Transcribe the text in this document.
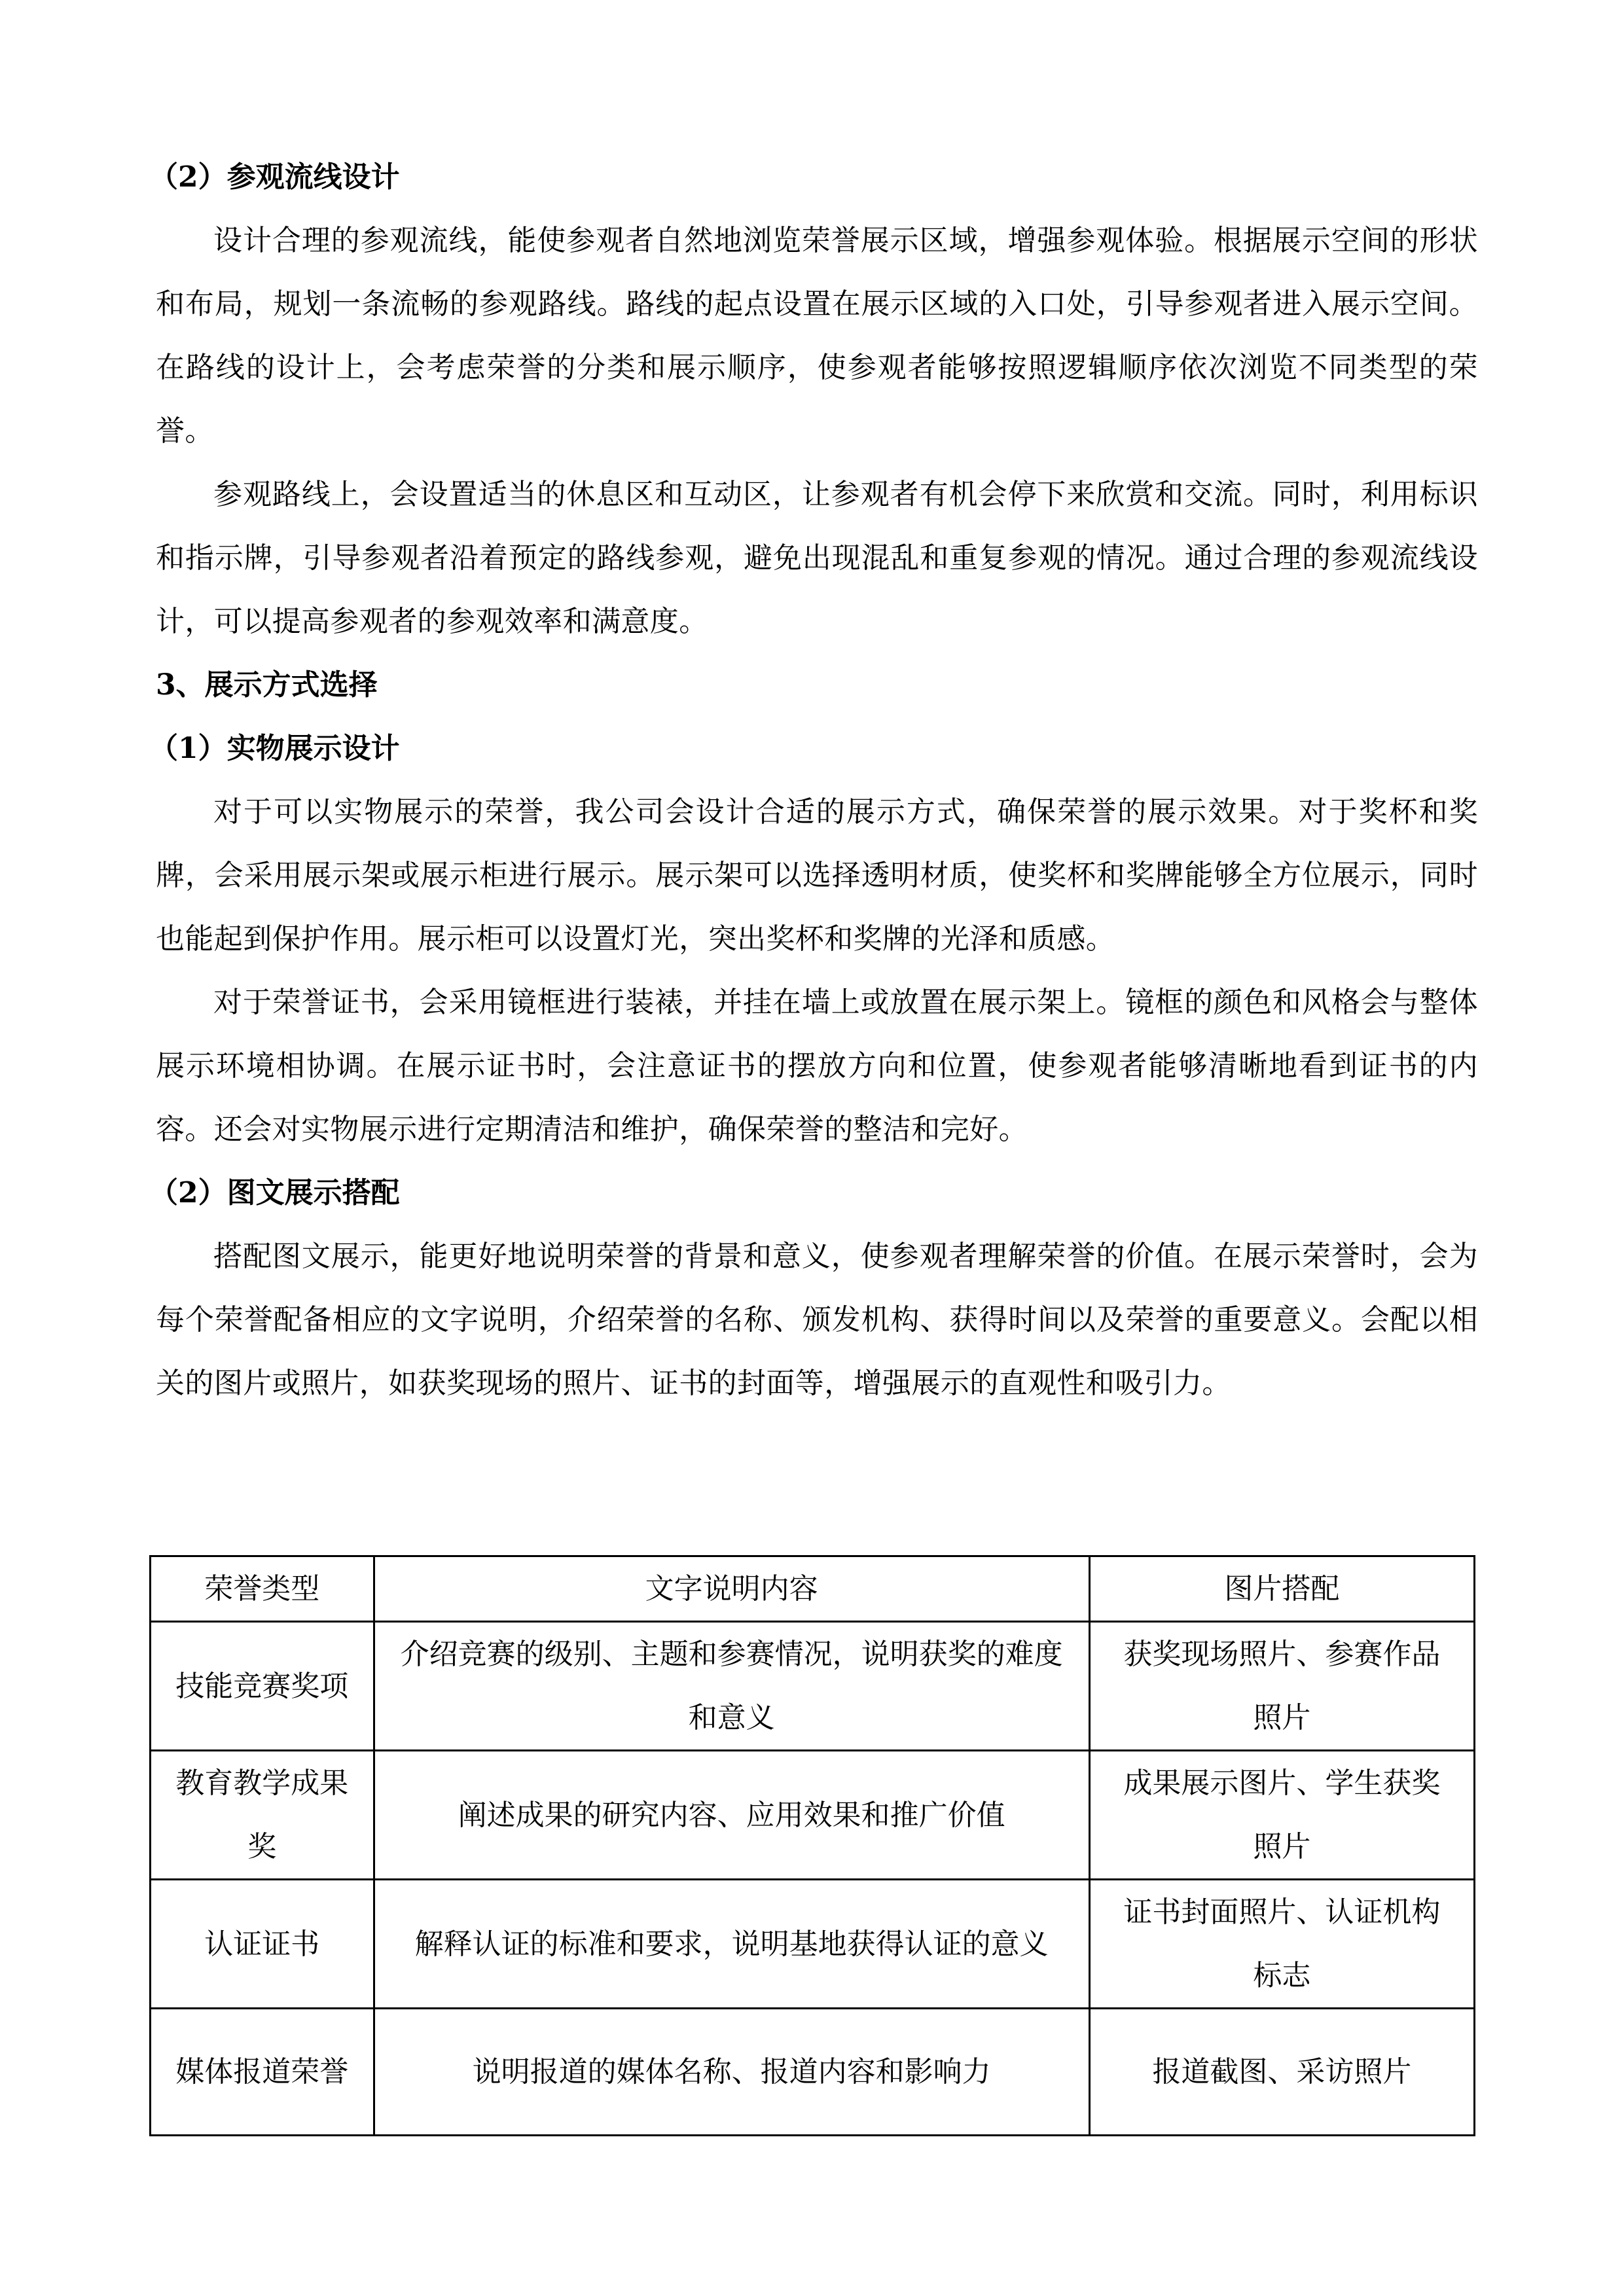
（2）参观流线设计

设计合理的参观流线，能使参观者自然地浏览荣誉展示区域，增强参观体验。根据展示空间的形状和布局，规划一条流畅的参观路线。路线的起点设置在展示区域的入口处，引导参观者进入展示空间。在路线的设计上，会考虑荣誉的分类和展示顺序，使参观者能够按照逻辑顺序依次浏览不同类型的荣誉。

参观路线上，会设置适当的休息区和互动区，让参观者有机会停下来欣赏和交流。同时，利用标识和指示牌，引导参观者沿着预定的路线参观，避免出现混乱和重复参观的情况。通过合理的参观流线设计，可以提高参观者的参观效率和满意度。

3、展示方式选择

（1）实物展示设计

对于可以实物展示的荣誉，我公司会设计合适的展示方式，确保荣誉的展示效果。对于奖杯和奖牌，会采用展示架或展示柜进行展示。展示架可以选择透明材质，使奖杯和奖牌能够全方位展示，同时也能起到保护作用。展示柜可以设置灯光，突出奖杯和奖牌的光泽和质感。

对于荣誉证书，会采用镜框进行装裱，并挂在墙上或放置在展示架上。镜框的颜色和风格会与整体展示环境相协调。在展示证书时，会注意证书的摆放方向和位置，使参观者能够清晰地看到证书的内容。还会对实物展示进行定期清洁和维护，确保荣誉的整洁和完好。

（2）图文展示搭配

搭配图文展示，能更好地说明荣誉的背景和意义，使参观者理解荣誉的价值。在展示荣誉时，会为每个荣誉配备相应的文字说明，介绍荣誉的名称、颁发机构、获得时间以及荣誉的重要意义。会配以相关的图片或照片，如获奖现场的照片、证书的封面等，增强展示的直观性和吸引力。

荣誉类型	文字说明内容	图片搭配
技能竞赛奖项	介绍竞赛的级别、主题和参赛情况，说明获奖的难度和意义	获奖现场照片、参赛作品照片
教育教学成果奖	阐述成果的研究内容、应用效果和推广价值	成果展示图片、学生获奖照片
认证证书	解释认证的标准和要求，说明基地获得认证的意义	证书封面照片、认证机构标志
媒体报道荣誉	说明报道的媒体名称、报道内容和影响力	报道截图、采访照片
